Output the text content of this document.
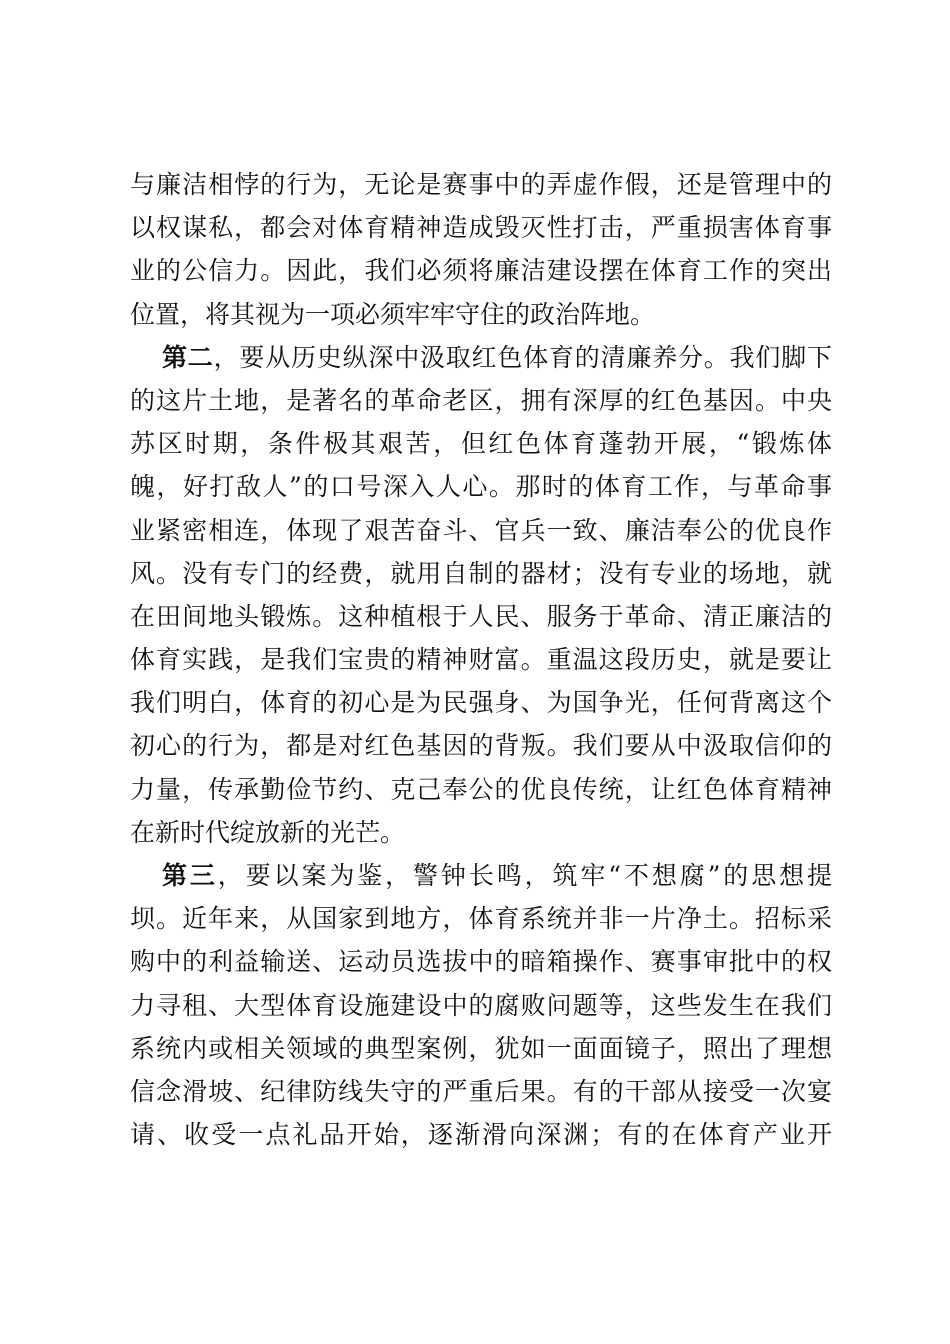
与廉洁相悖的行为，无论是赛事中的弄虚作假，还是管理中的
以权谋私，都会对体育精神造成毁灭性打击，严重损害体育事
业的公信力。因此，我们必须将廉洁建设摆在体育工作的突出
位置，将其视为一项必须牢牢守住的政治阵地。
第二，要从历史纵深中汲取红色体育的清廉养分。我们脚下
的这片土地，是著名的革命老区，拥有深厚的红色基因。中央
苏区时期，条件极其艰苦，但红色体育蓬勃开展，“锻炼体
魄，好打敌人”的口号深入人心。那时的体育工作，与革命事
业紧密相连，体现了艰苦奋斗、官兵一致、廉洁奉公的优良作
风。没有专门的经费，就用自制的器材；没有专业的场地，就
在田间地头锻炼。这种植根于人民、服务于革命、清正廉洁的
体育实践，是我们宝贵的精神财富。重温这段历史，就是要让
我们明白，体育的初心是为民强身、为国争光，任何背离这个
初心的行为，都是对红色基因的背叛。我们要从中汲取信仰的
力量，传承勤俭节约、克己奉公的优良传统，让红色体育精神
在新时代绽放新的光芒。
第三，要以案为鉴，警钟长鸣，筑牢“不想腐”的思想提
坝。近年来，从国家到地方，体育系统并非一片净土。招标采
购中的利益输送、运动员选拔中的暗箱操作、赛事审批中的权
力寻租、大型体育设施建设中的腐败问题等，这些发生在我们
系统内或相关领域的典型案例，犹如一面面镜子，照出了理想
信念滑坡、纪律防线失守的严重后果。有的干部从接受一次宴
请、收受一点礼品开始，逐渐滑向深渊；有的在体育产业开
